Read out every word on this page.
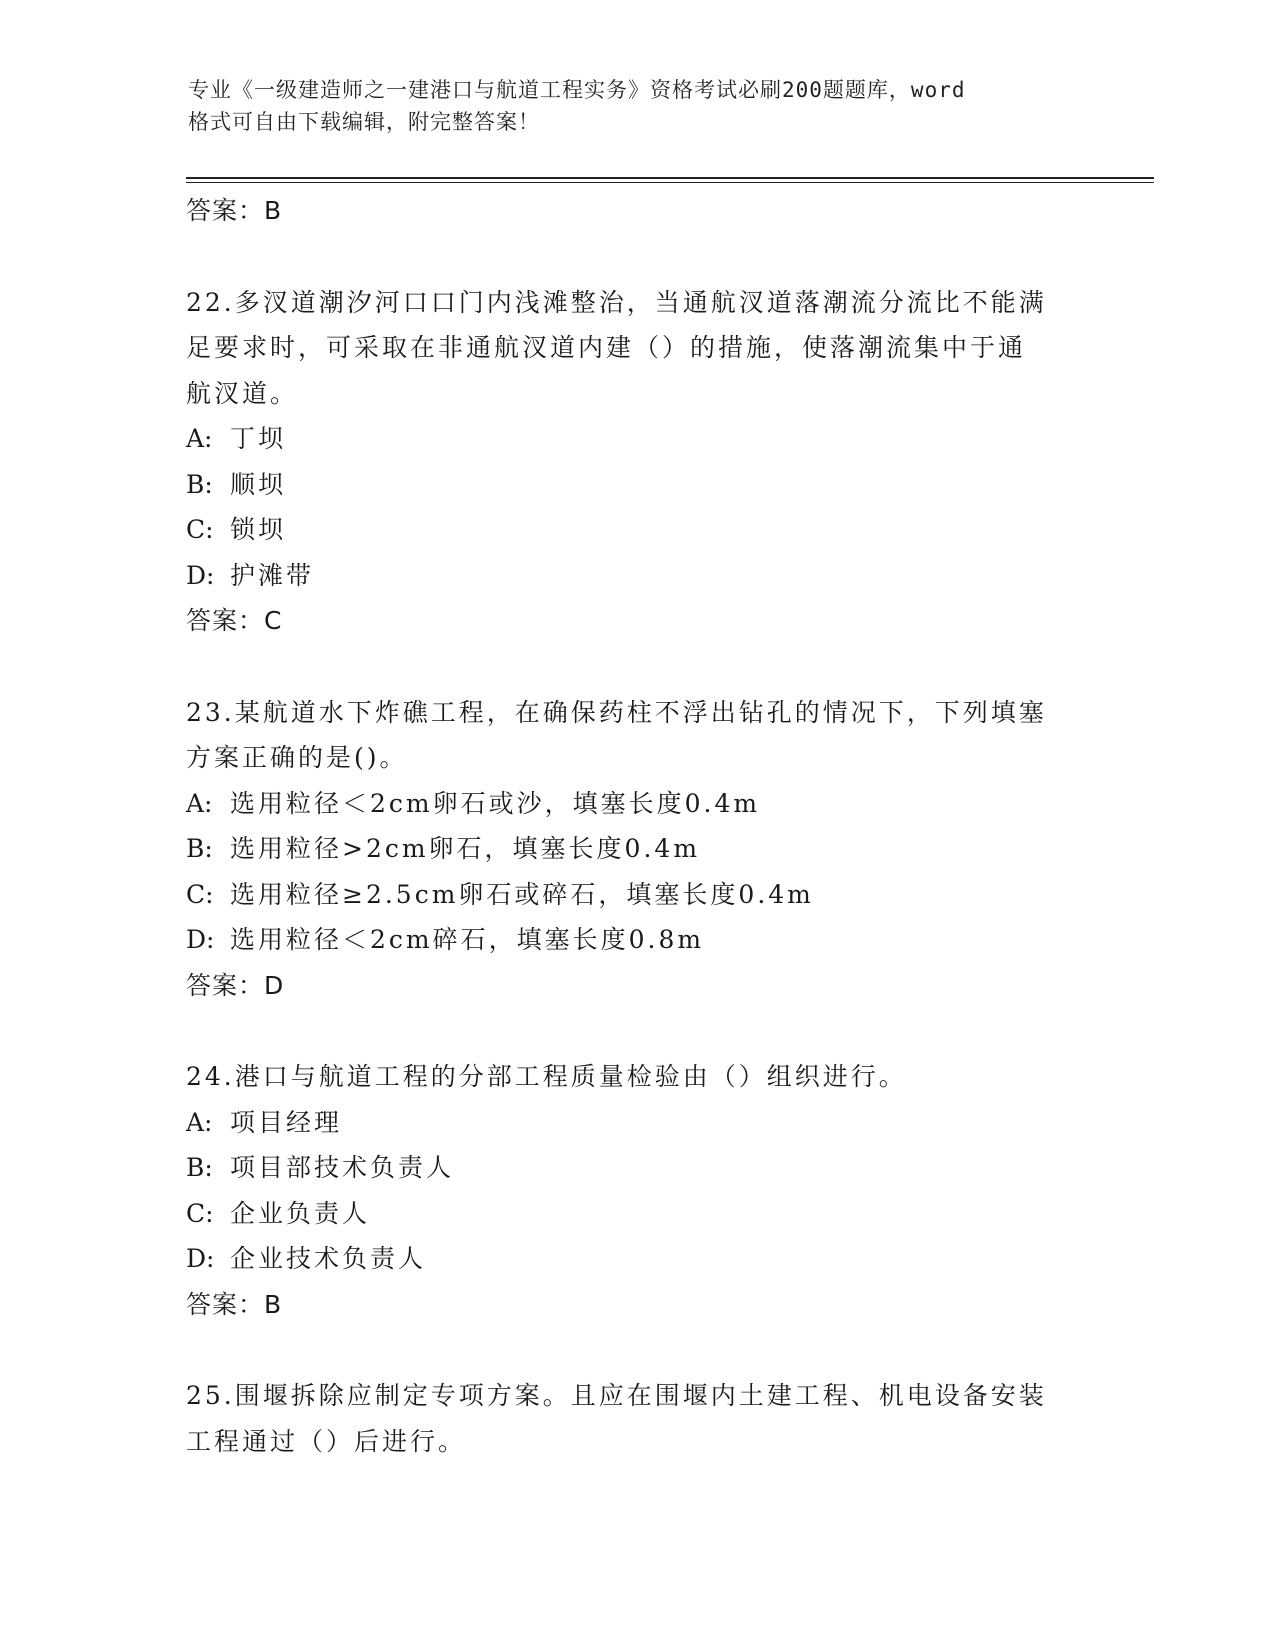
专业《一级建造师之一建港口与航道工程实务》资格考试必刷200题题库，word
格式可自由下载编辑，附完整答案！
答案：B
22.多汊道潮汐河口口门内浅滩整治，当通航汊道落潮流分流比不能满
足要求时，可采取在非通航汊道内建（）的措施，使落潮流集中于通
航汊道。
A: 丁坝
B: 顺坝
C: 锁坝
D: 护滩带
答案：C
23.某航道水下炸礁工程，在确保药柱不浮出钻孔的情况下，下列填塞
方案正确的是()。
A: 选用粒径＜2cm卵石或沙，填塞长度0.4m
B: 选用粒径>2cm卵石，填塞长度0.4m
C: 选用粒径≥2.5cm卵石或碎石，填塞长度0.4m
D: 选用粒径＜2cm碎石，填塞长度0.8m
答案：D
24.港口与航道工程的分部工程质量检验由（）组织进行。
A: 项目经理
B: 项目部技术负责人
C: 企业负责人
D: 企业技术负责人
答案：B
25.围堰拆除应制定专项方案。且应在围堰内土建工程、机电设备安装
工程通过（）后进行。
